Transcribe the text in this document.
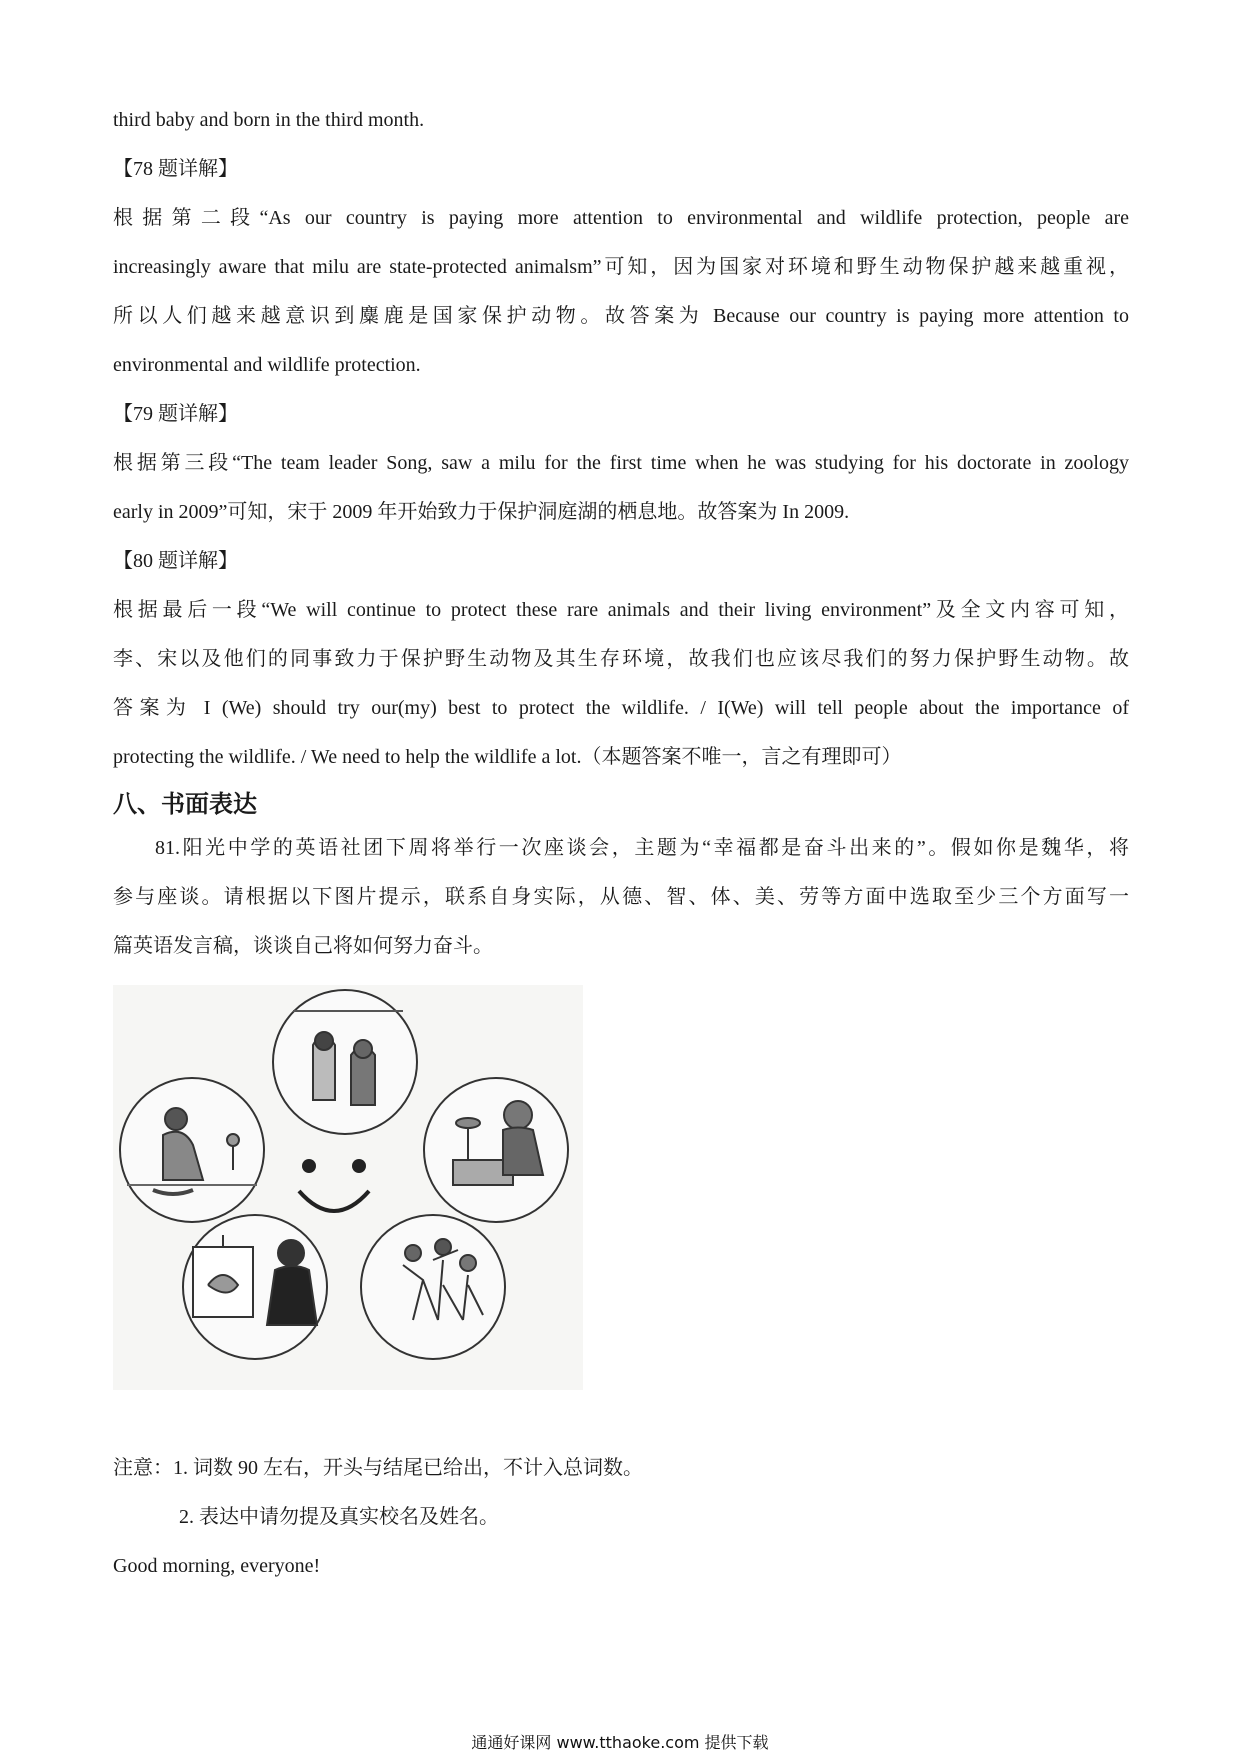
third baby and born in the third month.
【78 题详解】
根据第二段“As our country is paying more attention to environmental and wildlife protection, people are
increasingly aware that milu are state-protected animalsm”可知，因为国家对环境和野生动物保护越来越重视，
所以人们越来越意识到麋鹿是国家保护动物。故答案为 Because our country is paying more attention to
environmental and wildlife protection.
【79 题详解】
根据第三段“The team leader Song, saw a milu for the first time when he was studying for his doctorate in zoology
early in 2009”可知，宋于 2009 年开始致力于保护洞庭湖的栖息地。故答案为 In 2009.
【80 题详解】
根据最后一段“We will continue to protect these rare animals and their living environment”及全文内容可知，
李、宋以及他们的同事致力于保护野生动物及其生存环境，故我们也应该尽我们的努力保护野生动物。故
答案为 I (We) should try our(my) best to protect the wildlife. / I(We) will tell people about the importance of
protecting the wildlife. / We need to help the wildlife a lot.（本题答案不唯一，言之有理即可）
八、书面表达
81.阳光中学的英语社团下周将举行一次座谈会，主题为“幸福都是奋斗出来的”。假如你是魏华，将
参与座谈。请根据以下图片提示，联系自身实际，从德、智、体、美、劳等方面中选取至少三个方面写一
篇英语发言稿，谈谈自己将如何努力奋斗。
注意：1. 词数 90 左右，开头与结尾已给出，不计入总词数。
2. 表达中请勿提及真实校名及姓名。
Good morning, everyone!
通通好课网 www.tthaoke.com 提供下载
